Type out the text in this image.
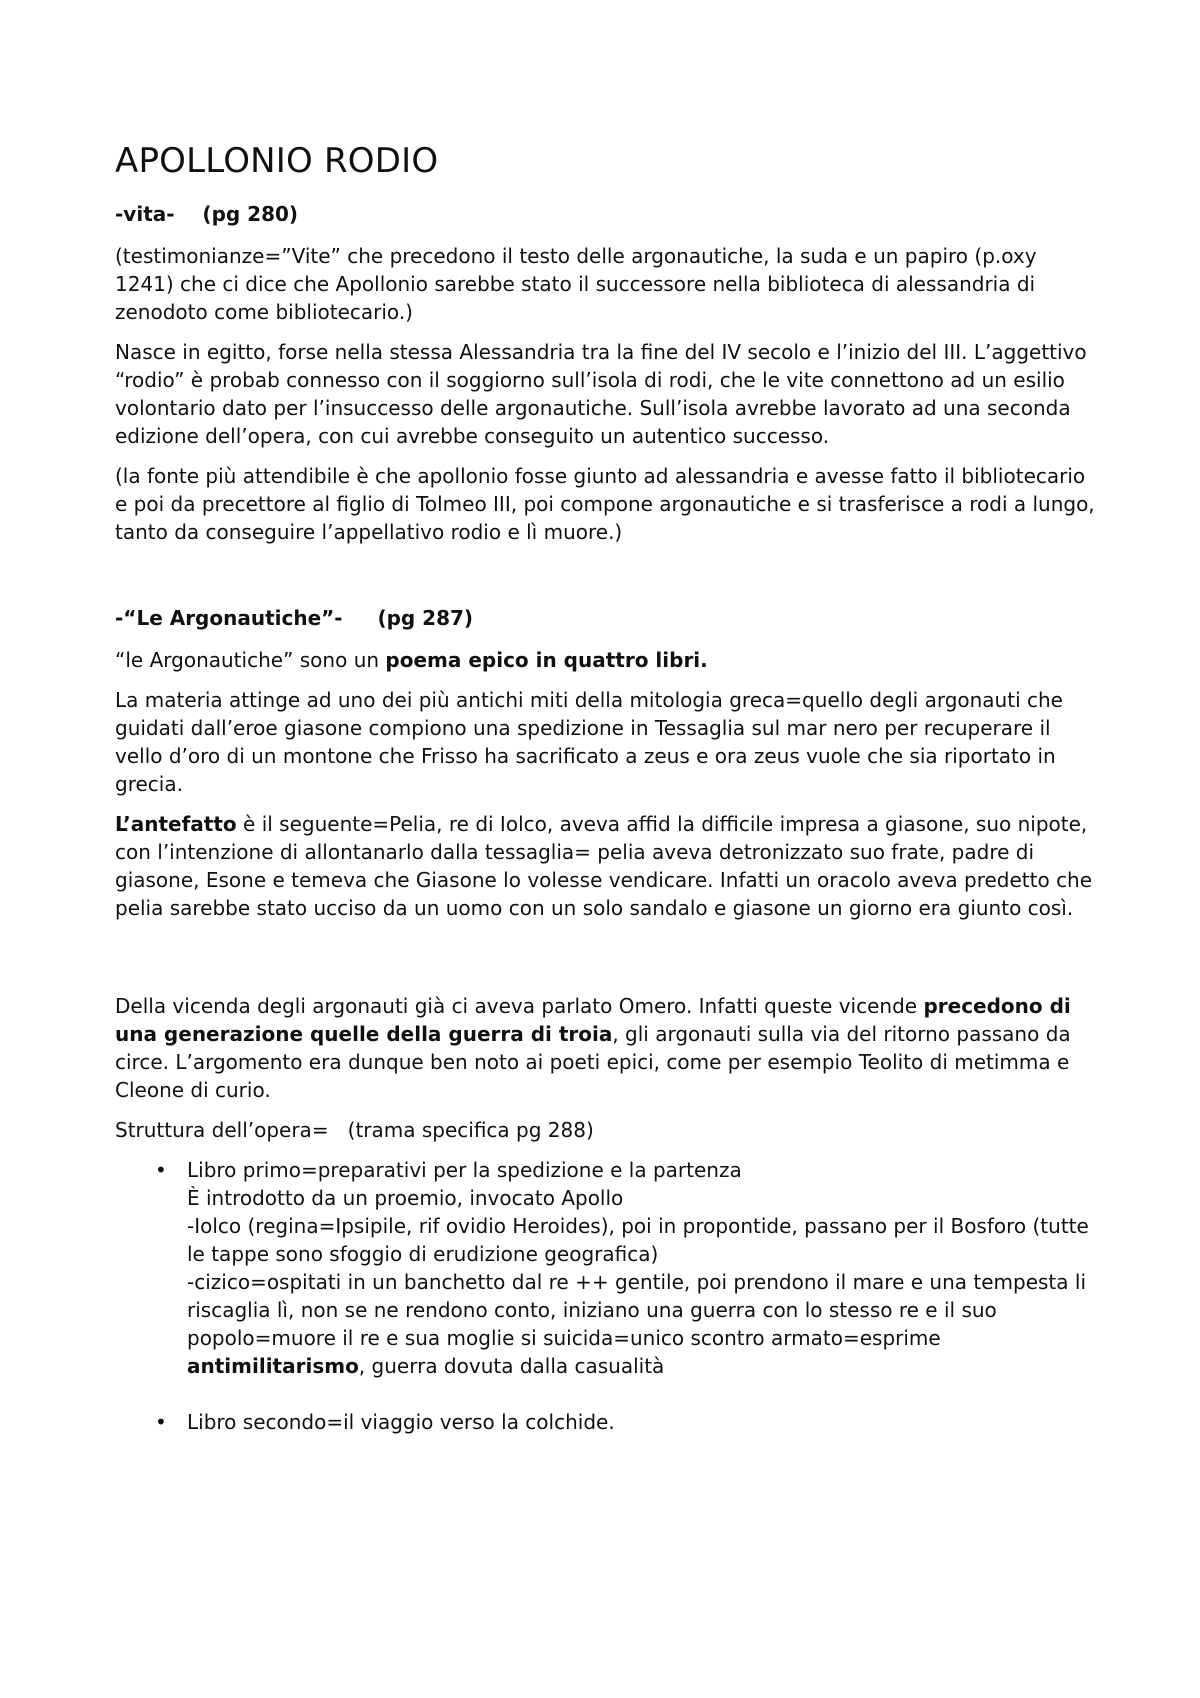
APOLLONIO RODIO
-vita- (pg 280)

(testimonianze=”Vite” che precedono il testo delle argonautiche, la suda e un papiro (p.oxy 1241) che ci dice che Apollonio sarebbe stato il successore nella biblioteca di alessandria di zenodoto come bibliotecario.)

Nasce in egitto, forse nella stessa Alessandria tra la fine del IV secolo e l’inizio del III. L’aggettivo “rodio” è probab connesso con il soggiorno sull’isola di rodi, che le vite connettono ad un esilio volontario dato per l’insuccesso delle argonautiche. Sull’isola avrebbe lavorato ad una seconda edizione dell’opera, con cui avrebbe conseguito un autentico successo.

(la fonte più attendibile è che apollonio fosse giunto ad alessandria e avesse fatto il bibliotecario e poi da precettore al figlio di Tolmeo III, poi compone argonautiche e si trasferisce a rodi a lungo, tanto da conseguire l’appellativo rodio e lì muore.)

-“Le Argonautiche”- (pg 287)

“le Argonautiche” sono un poema epico in quattro libri.

La materia attinge ad uno dei più antichi miti della mitologia greca=quello degli argonauti che guidati dall’eroe giasone compiono una spedizione in Tessaglia sul mar nero per recuperare il vello d’oro di un montone che Frisso ha sacrificato a zeus e ora zeus vuole che sia riportato in grecia.

L’antefatto è il seguente=Pelia, re di Iolco, aveva affid la difficile impresa a giasone, suo nipote, con l’intenzione di allontanarlo dalla tessaglia= pelia aveva detronizzato suo frate, padre di giasone, Esone e temeva che Giasone lo volesse vendicare. Infatti un oracolo aveva predetto che pelia sarebbe stato ucciso da un uomo con un solo sandalo e giasone un giorno era giunto così.

Della vicenda degli argonauti già ci aveva parlato Omero. Infatti queste vicende precedono di una generazione quelle della guerra di troia, gli argonauti sulla via del ritorno passano da circe. L’argomento era dunque ben noto ai poeti epici, come per esempio Teolito di metimma e Cleone di curio.

Struttura dell’opera=   (trama specifica pg 288)

• Libro primo=preparativi per la spedizione e la partenza
È introdotto da un proemio, invocato Apollo
-Iolco (regina=Ipsipile, rif ovidio Heroides), poi in propontide, passano per il Bosforo (tutte le tappe sono sfoggio di erudizione geografica)
-cizico=ospitati in un banchetto dal re ++ gentile, poi prendono il mare e una tempesta li riscaglia lì, non se ne rendono conto, iniziano una guerra con lo stesso re e il suo popolo=muore il re e sua moglie si suicida=unico scontro armato=esprime antimilitarismo, guerra dovuta dalla casualità
• Libro secondo=il viaggio verso la colchide.
